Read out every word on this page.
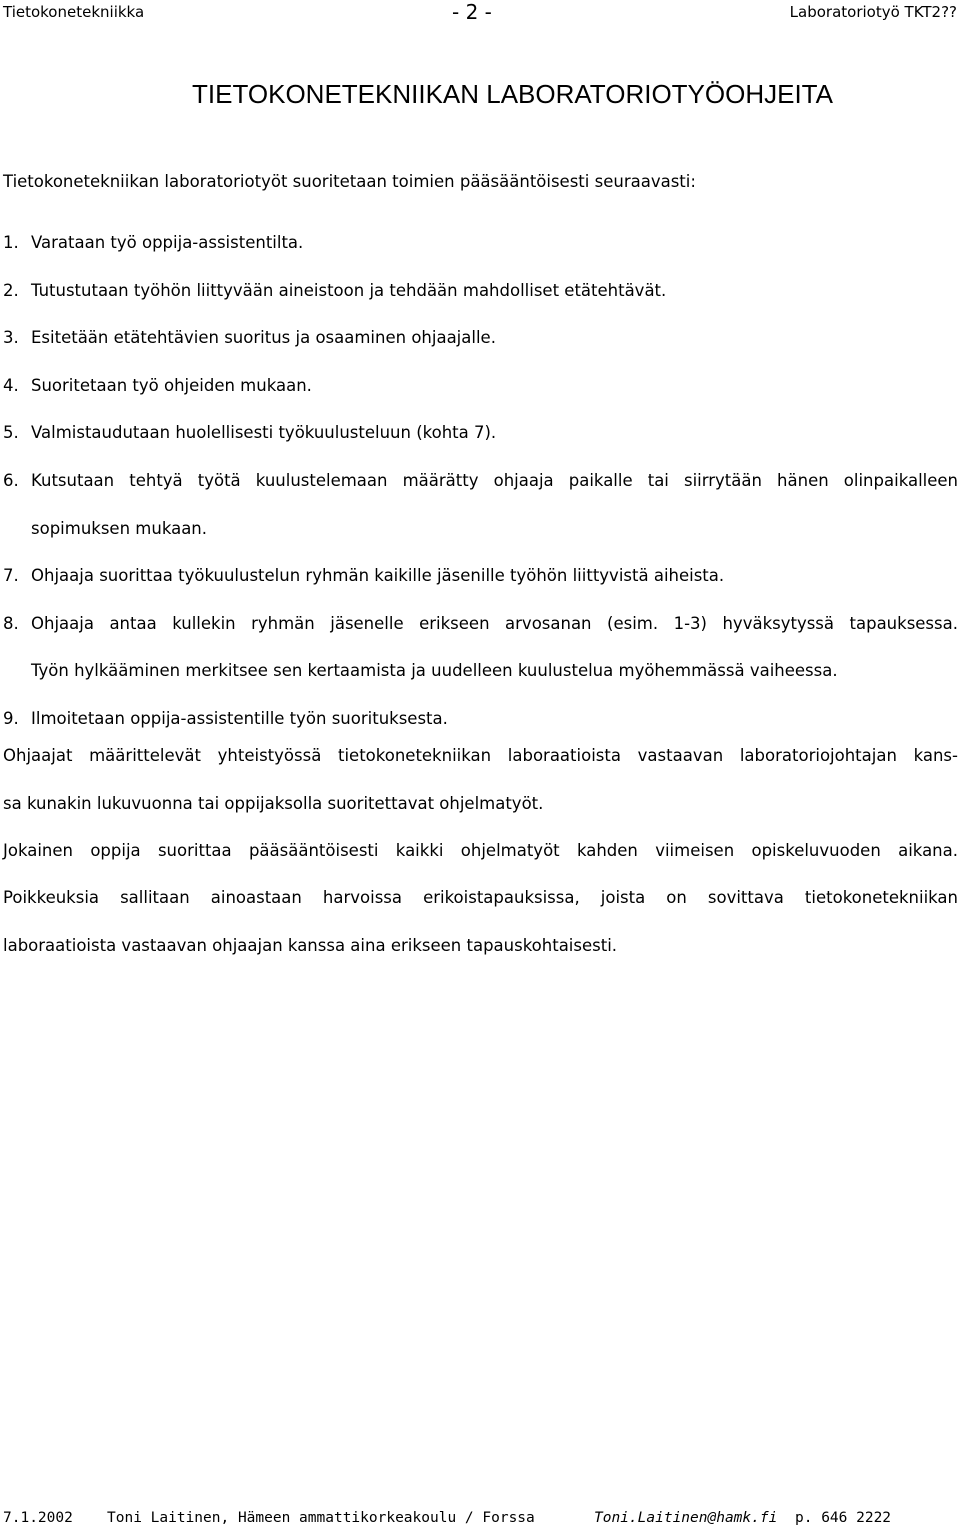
Tietokonetekniikka	- 2 -	Laboratoriotyö TKT2??
TIETOKONETEKNIIKAN LABORATORIOTYÖOHJEITA
Tietokonetekniikan laboratoriotyöt suoritetaan toimien pääsääntöisesti seuraavasti:
1. Varataan työ oppija-assistentilta.
2. Tutustutaan työhön liittyvään aineistoon ja tehdään mahdolliset etätehtävät.
3. Esitetään etätehtävien suoritus ja osaaminen ohjaajalle.
4. Suoritetaan työ ohjeiden mukaan.
5. Valmistaudutaan huolellisesti työkuulusteluun (kohta 7).
6. Kutsutaan tehtyä työtä kuulustelemaan määrätty ohjaaja paikalle tai siirrytään hänen olinpaikalleen
sopimuksen mukaan.
7. Ohjaaja suorittaa työkuulustelun ryhmän kaikille jäsenille työhön liittyvistä aiheista.
8. Ohjaaja antaa kullekin ryhmän jäsenelle erikseen arvosanan (esim. 1-3) hyväksytyssä tapauksessa.
Työn hylkääminen merkitsee sen kertaamista ja uudelleen kuulustelua myöhemmässä vaiheessa.
9. Ilmoitetaan oppija-assistentille työn suorituksesta.
Ohjaajat määrittelevät yhteistyössä tietokonetekniikan laboraatioista vastaavan laboratoriojohtajan kans-
sa kunakin lukuvuonna tai oppijaksolla suoritettavat ohjelmatyöt.
Jokainen oppija suorittaa pääsääntöisesti kaikki ohjelmatyöt kahden viimeisen opiskeluvuoden aikana.
Poikkeuksia sallitaan ainoastaan harvoissa erikoistapauksissa, joista on sovittava tietokonetekniikan
laboraatioista vastaavan ohjaajan kanssa aina erikseen tapauskohtaisesti.
7.1.2002 Toni Laitinen, Hämeen ammattikorkeakoulu / Forssa	Toni.Laitinen@hamk.fi p. 646 2222
